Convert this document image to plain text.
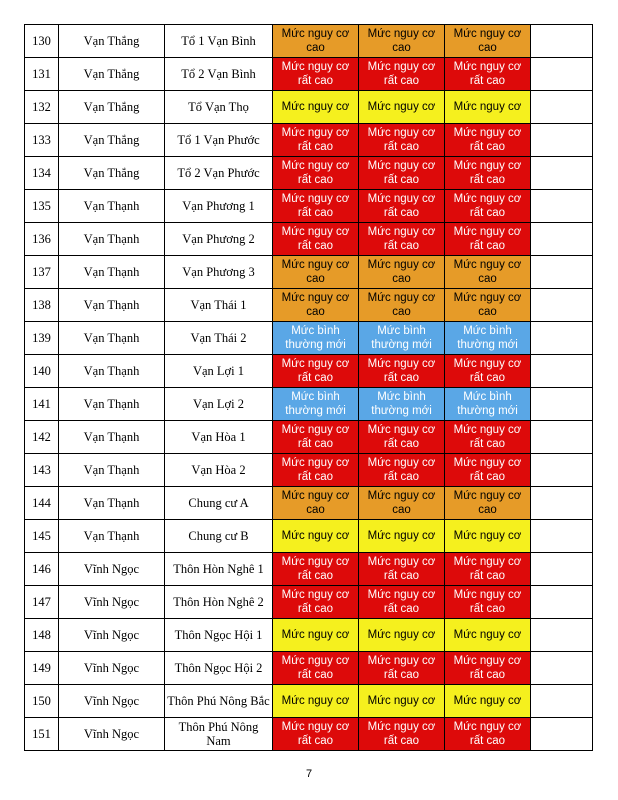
130	Vạn Thắng	Tổ 1 Vạn Bình	Mức nguy cơ cao	Mức nguy cơ cao	Mức nguy cơ cao	
131	Vạn Thắng	Tổ 2 Vạn Bình	Mức nguy cơ rất cao	Mức nguy cơ rất cao	Mức nguy cơ rất cao	
132	Vạn Thắng	Tổ Vạn Thọ	Mức nguy cơ	Mức nguy cơ	Mức nguy cơ	
133	Vạn Thắng	Tổ 1 Vạn Phước	Mức nguy cơ rất cao	Mức nguy cơ rất cao	Mức nguy cơ rất cao	
134	Vạn Thắng	Tổ 2 Vạn Phước	Mức nguy cơ rất cao	Mức nguy cơ rất cao	Mức nguy cơ rất cao	
135	Vạn Thạnh	Vạn Phương 1	Mức nguy cơ rất cao	Mức nguy cơ rất cao	Mức nguy cơ rất cao	
136	Vạn Thạnh	Vạn Phương 2	Mức nguy cơ rất cao	Mức nguy cơ rất cao	Mức nguy cơ rất cao	
137	Vạn Thạnh	Vạn Phương 3	Mức nguy cơ cao	Mức nguy cơ cao	Mức nguy cơ cao	
138	Vạn Thạnh	Vạn Thái 1	Mức nguy cơ cao	Mức nguy cơ cao	Mức nguy cơ cao	
139	Vạn Thạnh	Vạn Thái 2	Mức bình thường mới	Mức bình thường mới	Mức bình thường mới	
140	Vạn Thạnh	Vạn Lợi 1	Mức nguy cơ rất cao	Mức nguy cơ rất cao	Mức nguy cơ rất cao	
141	Vạn Thạnh	Vạn Lợi 2	Mức bình thường mới	Mức bình thường mới	Mức bình thường mới	
142	Vạn Thạnh	Vạn Hòa 1	Mức nguy cơ rất cao	Mức nguy cơ rất cao	Mức nguy cơ rất cao	
143	Vạn Thạnh	Vạn Hòa 2	Mức nguy cơ rất cao	Mức nguy cơ rất cao	Mức nguy cơ rất cao	
144	Vạn Thạnh	Chung cư A	Mức nguy cơ cao	Mức nguy cơ cao	Mức nguy cơ cao	
145	Vạn Thạnh	Chung cư B	Mức nguy cơ	Mức nguy cơ	Mức nguy cơ	
146	Vĩnh Ngọc	Thôn Hòn Nghê 1	Mức nguy cơ rất cao	Mức nguy cơ rất cao	Mức nguy cơ rất cao	
147	Vĩnh Ngọc	Thôn Hòn Nghê 2	Mức nguy cơ rất cao	Mức nguy cơ rất cao	Mức nguy cơ rất cao	
148	Vĩnh Ngọc	Thôn Ngọc Hội 1	Mức nguy cơ	Mức nguy cơ	Mức nguy cơ	
149	Vĩnh Ngọc	Thôn Ngọc Hội 2	Mức nguy cơ rất cao	Mức nguy cơ rất cao	Mức nguy cơ rất cao	
150	Vĩnh Ngọc	Thôn Phú Nông Bắc	Mức nguy cơ	Mức nguy cơ	Mức nguy cơ	
151	Vĩnh Ngọc	Thôn Phú Nông Nam	Mức nguy cơ rất cao	Mức nguy cơ rất cao	Mức nguy cơ rất cao	
7
